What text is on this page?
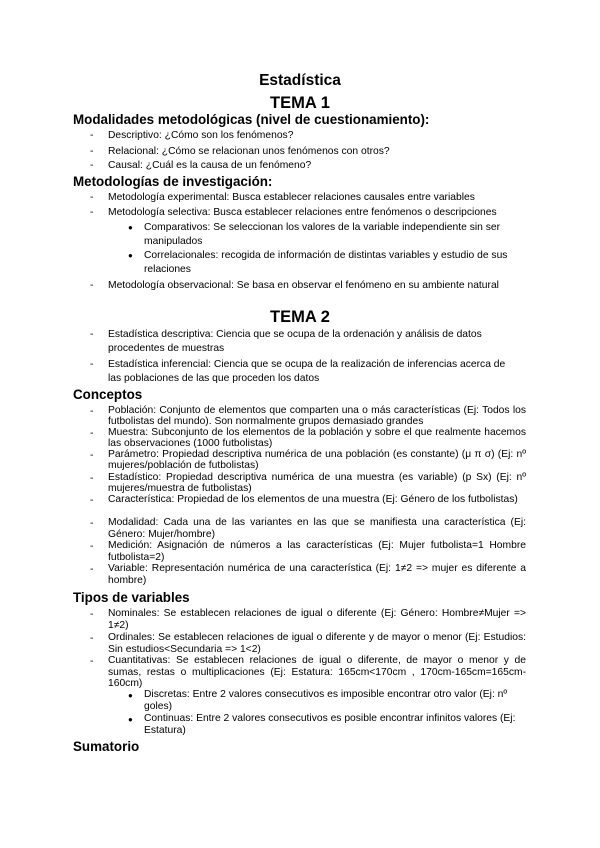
Estadística
TEMA 1
Modalidades metodológicas (nivel de cuestionamiento):
- Descriptivo: ¿Cómo son los fenómenos?
- Relacional: ¿Cómo se relacionan unos fenómenos con otros?
- Causal: ¿Cuál es la causa de un fenómeno?
Metodologías de investigación:
- Metodología experimental: Busca establecer relaciones causales entre variables
- Metodología selectiva: Busca establecer relaciones entre fenómenos o descripciones
● Comparativos: Se seleccionan los valores de la variable independiente sin ser manipulados
● Correlacionales: recogida de información de distintas variables y estudio de sus relaciones
- Metodología observacional: Se basa en observar el fenómeno en su ambiente natural
TEMA 2
- Estadística descriptiva: Ciencia que se ocupa de la ordenación y análisis de datos procedentes de muestras
- Estadística inferencial: Ciencia que se ocupa de la realización de inferencias acerca de las poblaciones de las que proceden los datos
Conceptos
- Población: Conjunto de elementos que comparten una o más características (Ej: Todos los futbolistas del mundo). Son normalmente grupos demasiado grandes
- Muestra: Subconjunto de los elementos de la población y sobre el que realmente hacemos las observaciones (1000 futbolistas)
- Parámetro: Propiedad descriptiva numérica de una población (es constante) (μ π σ) (Ej: nº mujeres/población de futbolistas)
- Estadístico: Propiedad descriptiva numérica de una muestra (es variable) (p Sx) (Ej: nº mujeres/muestra de futbolistas)
- Característica: Propiedad de los elementos de una muestra (Ej: Género de los futbolistas)
- Modalidad: Cada una de las variantes en las que se manifiesta una característica (Ej: Género: Mujer/hombre)
- Medición: Asignación de números a las características (Ej: Mujer futbolista=1 Hombre futbolista=2)
- Variable: Representación numérica de una característica (Ej: 1≠2 => mujer es diferente a hombre)
Tipos de variables
- Nominales: Se establecen relaciones de igual o diferente (Ej: Género: Hombre≠Mujer => 1≠2)
- Ordinales: Se establecen relaciones de igual o diferente y de mayor o menor (Ej: Estudios: Sin estudios<Secundaria => 1<2)
- Cuantitativas: Se establecen relaciones de igual o diferente, de mayor o menor y de sumas, restas o multiplicaciones (Ej: Estatura: 165cm<170cm , 170cm-165cm=165cm-160cm)
● Discretas: Entre 2 valores consecutivos es imposible encontrar otro valor (Ej: nº goles)
● Continuas: Entre 2 valores consecutivos es posible encontrar infinitos valores (Ej: Estatura)
Sumatorio
